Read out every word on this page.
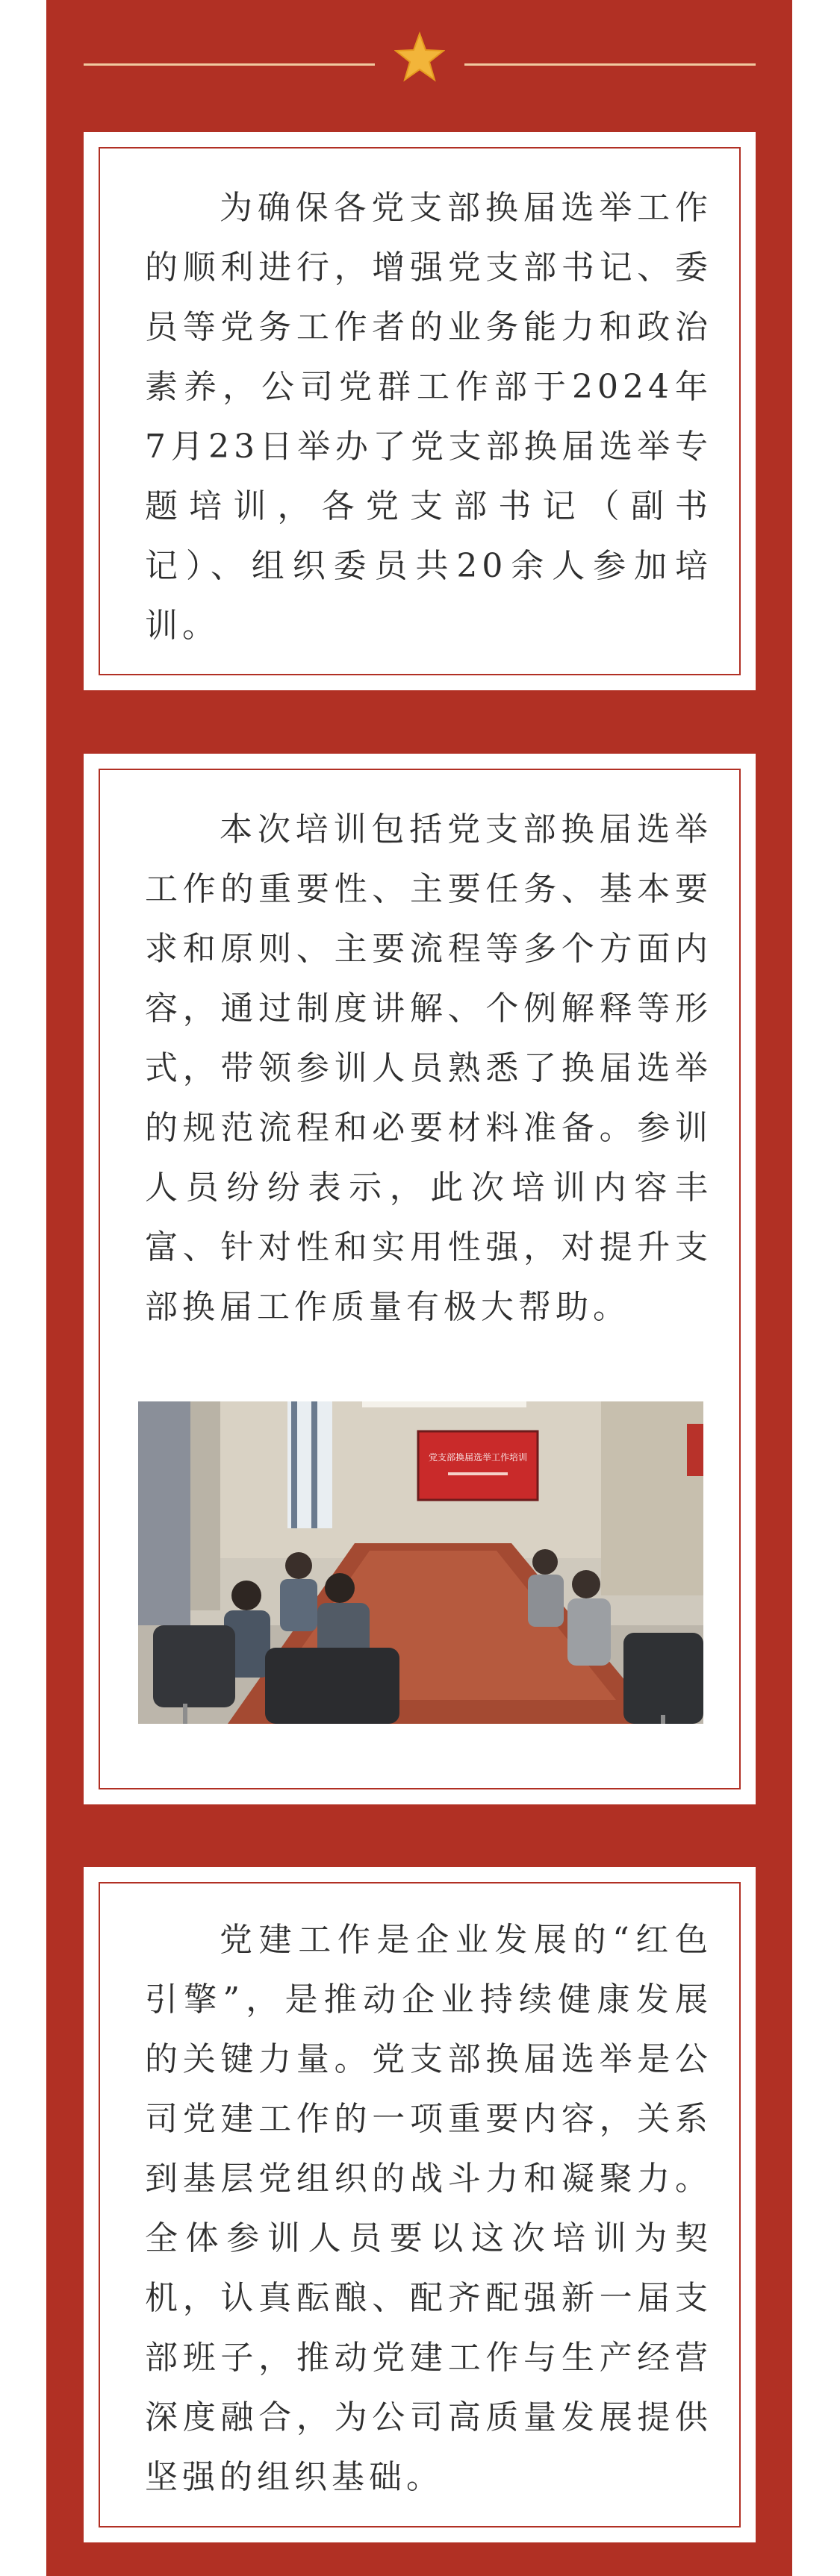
为确保各党支部换届选举工作的顺利进行，增强党支部书记、委员等党务工作者的业务能力和政治素养，公司党群工作部于2024年7月23日举办了党支部换届选举专题培训，各党支部书记（副书记）、组织委员共20余人参加培训。

本次培训包括党支部换届选举工作的重要性、主要任务、基本要求和原则、主要流程等多个方面内容，通过制度讲解、个例解释等形式，带领参训人员熟悉了换届选举的规范流程和必要材料准备。参训人员纷纷表示，此次培训内容丰富、针对性和实用性强，对提升支部换届工作质量有极大帮助。

党支部换届选举工作培训

党建工作是企业发展的“红色引擎”，是推动企业持续健康发展的关键力量。党支部换届选举是公司党建工作的一项重要内容，关系到基层党组织的战斗力和凝聚力。全体参训人员要以这次培训为契机，认真酝酿、配齐配强新一届支部班子，推动党建工作与生产经营深度融合，为公司高质量发展提供坚强的组织基础。
